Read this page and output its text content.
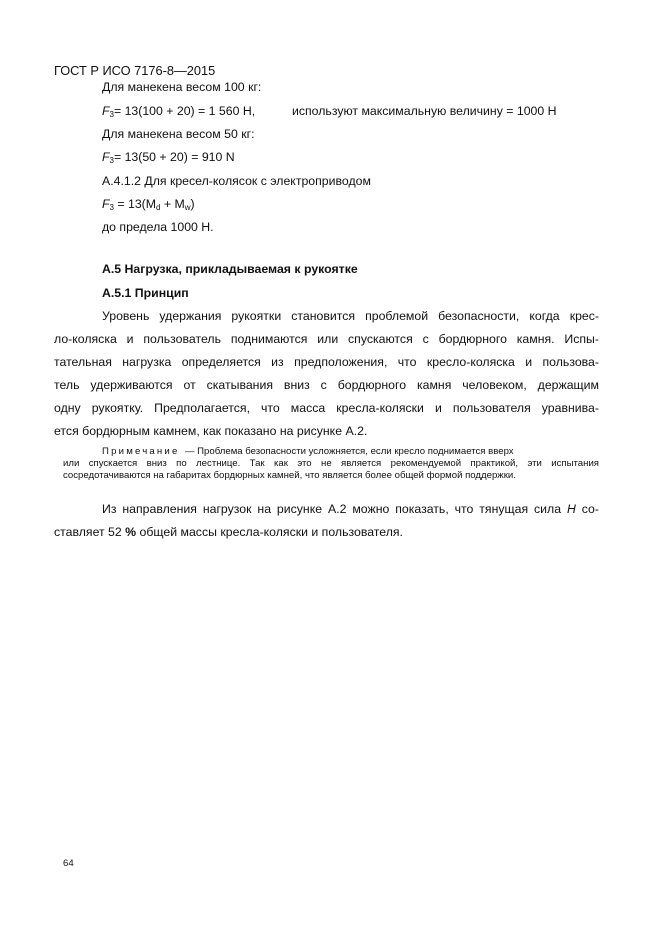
ГОСТ Р ИСО 7176-8—2015
Для манекена весом 100 кг:
$F_3= 13(100 + 20) = 1$ 560 Н,	используют максимальную величину = 1000 Н
Для манекена весом 50 кг:
$F_3= 13(50 + 20) = 910$ N
А.4.1.2 Для кресел-колясок с электроприводом
$F_3 = 13(M_d + M_w)$
до предела 1000 Н.
А.5 Нагрузка, прикладываемая к рукоятке
А.5.1 Принцип
Уровень удержания рукоятки становится проблемой безопасности, когда крес-
ло-коляска и пользователь поднимаются или спускаются с бордюрного камня. Испы-
тательная нагрузка определяется из предположения, что кресло-коляска и пользова-
тель удерживаются от скатывания вниз с бордюрного камня человеком, держащим
одну рукоятку. Предполагается, что масса кресла-коляски и пользователя уравнива-
ется бордюрным камнем, как показано на рисунке А.2.
Примечание — Проблема безопасности усложняется, если кресло поднимается вверх
или спускается вниз по лестнице. Так как это не является рекомендуемой практикой, эти испытания
сосредотачиваются на габаритах бордюрных камней, что является более общей формой поддержки.
Из направления нагрузок на рисунке А.2 можно показать, что тянущая сила H со-
ставляет 52 % общей массы кресла-коляски и пользователя.
64
